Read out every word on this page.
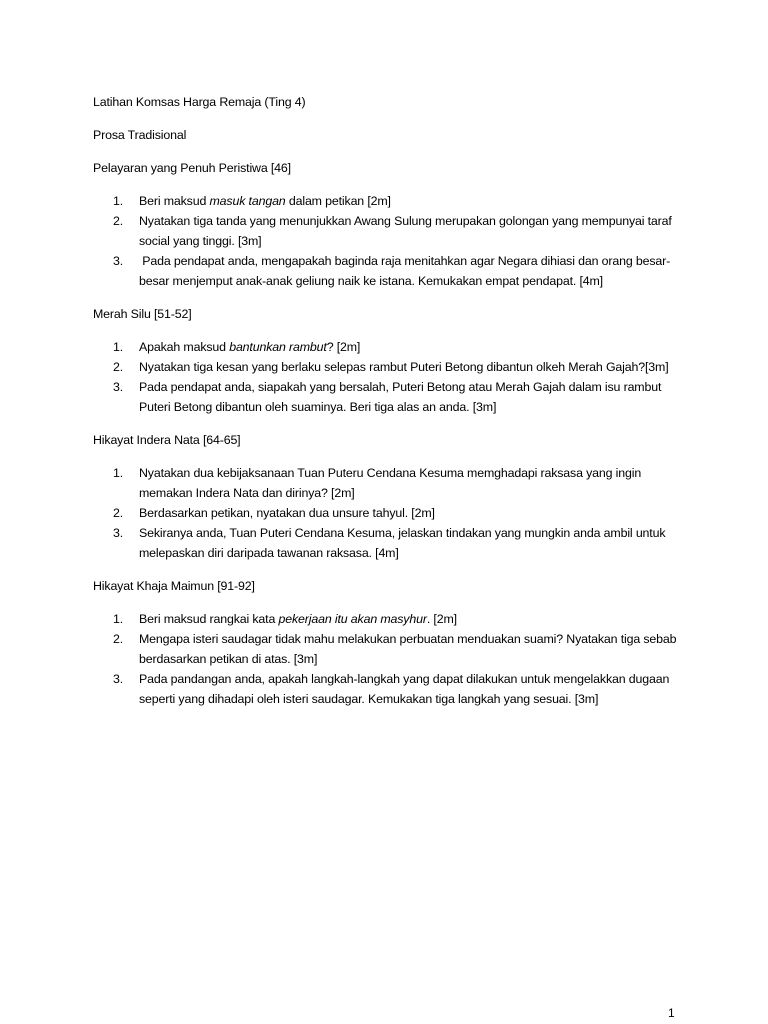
Latihan Komsas Harga Remaja (Ting 4)

Prosa Tradisional

Pelayaran yang Penuh Peristiwa [46]

1. Beri maksud masuk tangan dalam petikan [2m]
2. Nyatakan tiga tanda yang menunjukkan Awang Sulung merupakan golongan yang mempunyai taraf social yang tinggi. [3m]
3. Pada pendapat anda, mengapakah baginda raja menitahkan agar Negara dihiasi dan orang besar-besar menjemput anak-anak geliung naik ke istana. Kemukakan empat pendapat. [4m]

Merah Silu [51-52]

1. Apakah maksud bantunkan rambut? [2m]
2. Nyatakan tiga kesan yang berlaku selepas rambut Puteri Betong dibantun olkeh Merah Gajah?[3m]
3. Pada pendapat anda, siapakah yang bersalah, Puteri Betong atau Merah Gajah dalam isu rambut Puteri Betong dibantun oleh suaminya. Beri tiga alas an anda. [3m]

Hikayat Indera Nata [64-65]

1. Nyatakan dua kebijaksanaan Tuan Puteru Cendana Kesuma memghadapi raksasa yang ingin memakan Indera Nata dan dirinya? [2m]
2. Berdasarkan petikan, nyatakan dua unsure tahyul. [2m]
3. Sekiranya anda, Tuan Puteri Cendana Kesuma, jelaskan tindakan yang mungkin anda ambil untuk melepaskan diri daripada tawanan raksasa. [4m]

Hikayat Khaja Maimun [91-92]

1. Beri maksud rangkai kata pekerjaan itu akan masyhur. [2m]
2. Mengapa isteri saudagar tidak mahu melakukan perbuatan menduakan suami? Nyatakan tiga sebab berdasarkan petikan di atas. [3m]
3. Pada pandangan anda, apakah langkah-langkah yang dapat dilakukan untuk mengelakkan dugaan seperti yang dihadapi oleh isteri saudagar. Kemukakan tiga langkah yang sesuai. [3m]
1
